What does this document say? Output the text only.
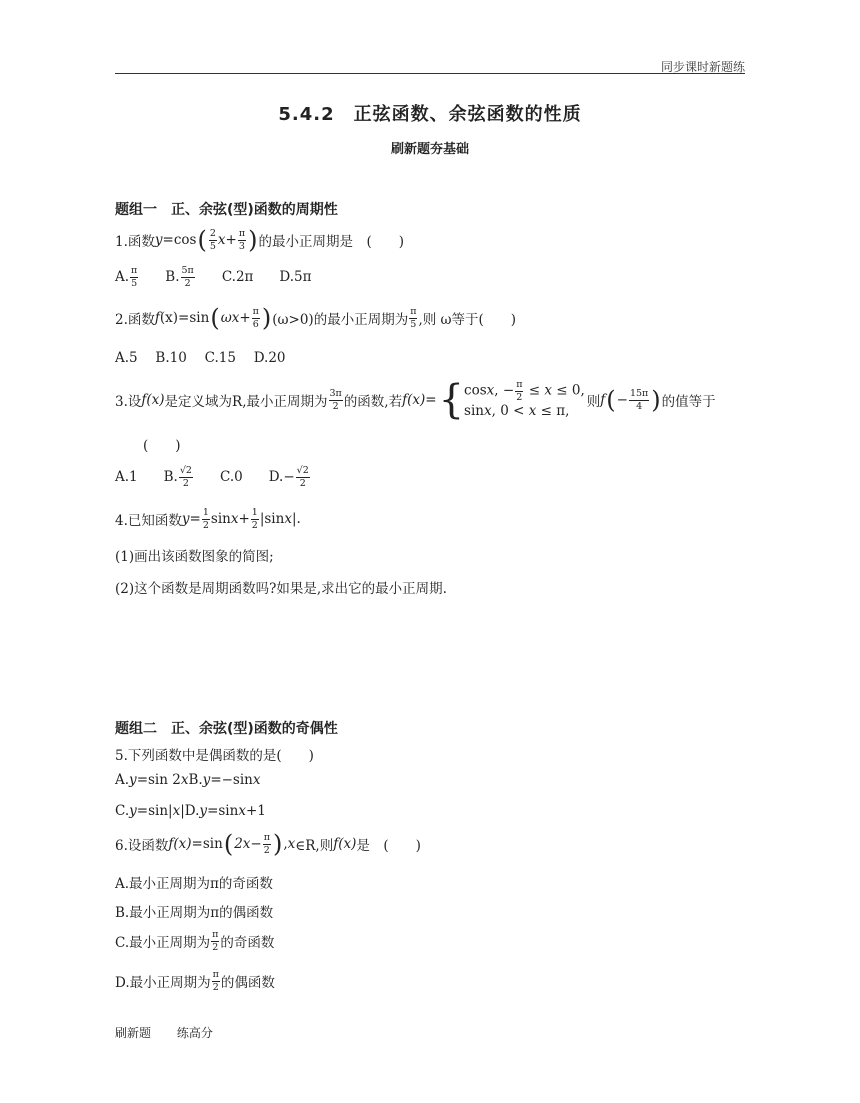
同步课时新题练
5.4.2　正弦函数、余弦函数的性质
刷新题夯基础
题组一　正、余弦(型)函数的周期性
1.函数 y =cos ( $\frac{2}{5}$ $x + \frac{\pi}{3}$ ) 的最小正周期是　(　　)
A. $\frac{\pi}{5} B$. $\frac{5\pi}{2} C.2\pi$ D.5π
2.函数 f (x) =sin ( $\omega x + \frac{\pi}{6}$ ) (ω>0)的最小正周期为 $\frac{\pi}{5}$ ,则 ω等于(　　)
A.5　 B.10　 C.15　 D.20
3.设 f(x) 是定义域为R,最小正周期为 $\frac{3\pi}{2}$ 的函数,若 f(x)= { cosx, − $\frac{\pi}{2} \le x \le 0$,
sinx, 0 < x ≤ π,
则 f ( − $\frac{15\pi}{4}$ ) 的值等于
(　　)
A.1 B. $\frac{√2}{2} C.0$ $D.- \frac{√2}{2}$
4.已知函数 $y = \frac{1}{2}$ $\sin x + \frac{1}{2} |\sin$ x |.
(1)画出该函数图象的简图;
(2)这个函数是周期函数吗?如果是,求出它的最小正周期.
题组二　正、余弦(型)函数的奇偶性
5.下列函数中是偶函数的是(　　)
A. y =sin 2 x B. y =−sin x
C. y =sin| x | D. y =sin x +1
6.设函数 f(x) =sin ( $2x- \frac{\pi}{2}$ ) , x ∈R,则 f(x) 是　(　　)
A.最小正周期为π的奇函数
B.最小正周期为π的偶函数
C.最小正周期为 $\frac{\pi}{2}$ 的奇函数
D.最小正周期为 $\frac{\pi}{2}$ 的偶函数
刷新题 练高分
